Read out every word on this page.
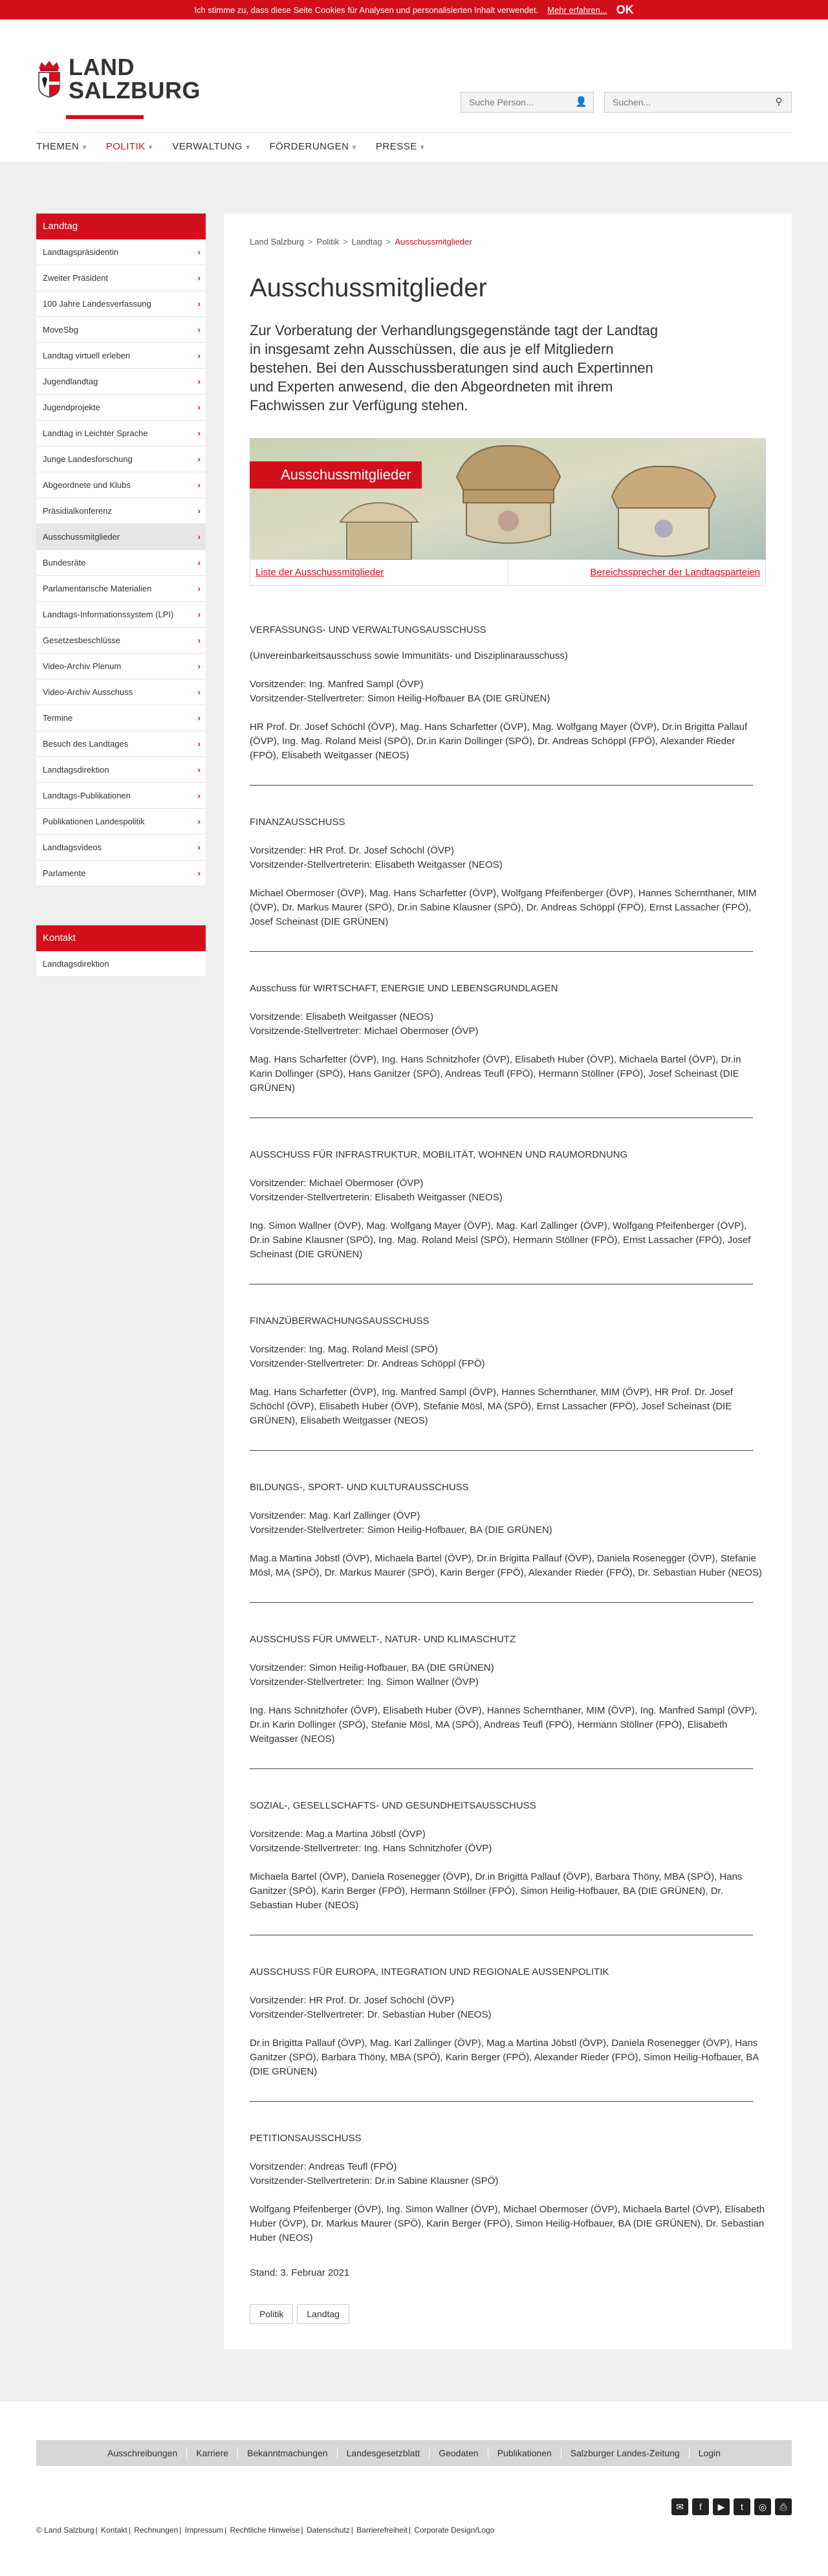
Ich stimme zu, dass diese Seite Cookies für Analysen und personalisierten Inhalt verwendet. Mehr erfahren... OK
LAND
SALZBURG
Suche Person...	👤
Suchen...	⚲
THEMEN ▼ POLITIK ▼ VERWALTUNG ▼ FÖRDERUNGEN ▼ PRESSE ▼
Landtag
Landtagspräsidentin	›
Zweiter Präsident	›
100 Jahre Landesverfassung	›
MoveSbg	›
Landtag virtuell erleben	›
Jugendlandtag	›
Jugendprojekte	›
Landtag in Leichter Sprache	›
Junge Landesforschung	›
Abgeordnete und Klubs	›
Präsidialkonferenz	›
Ausschussmitglieder	›
Bundesräte	›
Parlamentarische Materialien	›
Landtags-Informationssystem (LPI)	›
Gesetzesbeschlüsse	›
Video-Archiv Plenum	›
Video-Archiv Ausschuss	›
Termine	›
Besuch des Landtages	›
Landtagsdirektion	›
Landtags-Publikationen	›
Publikationen Landespolitik	›
Landtagsvideos	›
Parlamente	›
Kontakt
Landtagsdirektion
Land Salzburg > Politik > Landtag > Ausschussmitglieder
Ausschussmitglieder

Zur Vorberatung der Verhandlungsgegenstände tagt der Landtag in insgesamt zehn Ausschüssen, die aus je elf Mitgliedern bestehen. Bei den Ausschussberatungen sind auch Expertinnen und Experten anwesend, die den Abgeordneten mit ihrem Fachwissen zur Verfügung stehen.

Ausschussmitglieder
Liste der Ausschussmitglieder	Bereichssprecher der Landtagsparteien
VERFASSUNGS- UND VERWALTUNGSAUSSCHUSS
(Unvereinbarkeitsausschuss sowie Immunitäts- und Disziplinarausschuss)
Vorsitzender: Ing. Manfred Sampl (ÖVP)
Vorsitzender-Stellvertreter: Simon Heilig-Hofbauer BA (DIE GRÜNEN)
HR Prof. Dr. Josef Schöchl (ÖVP), Mag. Hans Scharfetter (ÖVP), Mag. Wolfgang Mayer (ÖVP), Dr.in Brigitta Pallauf (ÖVP), Ing. Mag. Roland Meisl (SPÖ), Dr.in Karin Dollinger (SPÖ), Dr. Andreas Schöppl (FPÖ), Alexander Rieder (FPÖ), Elisabeth Weitgasser (NEOS)
FINANZAUSSCHUSS
Vorsitzender: HR Prof. Dr. Josef Schöchl (ÖVP)
Vorsitzender-Stellvertreterin: Elisabeth Weitgasser (NEOS)
Michael Obermoser (ÖVP), Mag. Hans Scharfetter (ÖVP), Wolfgang Pfeifenberger (ÖVP), Hannes Schernthaner, MIM (ÖVP), Dr. Markus Maurer (SPÖ), Dr.in Sabine Klausner (SPÖ), Dr. Andreas Schöppl (FPÖ), Ernst Lassacher (FPÖ), Josef Scheinast (DIE GRÜNEN)
Ausschuss für WIRTSCHAFT, ENERGIE UND LEBENSGRUNDLAGEN
Vorsitzende: Elisabeth Weitgasser (NEOS)
Vorsitzende-Stellvertreter: Michael Obermoser (ÖVP)
Mag. Hans Scharfetter (ÖVP), Ing. Hans Schnitzhofer (ÖVP), Elisabeth Huber (ÖVP), Michaela Bartel (ÖVP), Dr.in Karin Dollinger (SPÖ), Hans Ganitzer (SPÖ), Andreas Teufl (FPÖ), Hermann Stöllner (FPÖ), Josef Scheinast (DIE GRÜNEN)
AUSSCHUSS FÜR INFRASTRUKTUR, MOBILITÄT, WOHNEN UND RAUMORDNUNG
Vorsitzender: Michael Obermoser (ÖVP)
Vorsitzender-Stellvertreterin: Elisabeth Weitgasser (NEOS)
Ing. Simon Wallner (ÖVP), Mag. Wolfgang Mayer (ÖVP), Mag. Karl Zallinger (ÖVP), Wolfgang Pfeifenberger (ÖVP), Dr.in Sabine Klausner (SPÖ), Ing. Mag. Roland Meisl (SPÖ), Hermann Stöllner (FPÖ), Ernst Lassacher (FPÖ), Josef Scheinast (DIE GRÜNEN)
FINANZÜBERWACHUNGSAUSSCHUSS
Vorsitzender: Ing. Mag. Roland Meisl (SPÖ)
Vorsitzender-Stellvertreter: Dr. Andreas Schöppl (FPÖ)
Mag. Hans Scharfetter (ÖVP), Ing. Manfred Sampl (ÖVP), Hannes Schernthaner, MIM (ÖVP), HR Prof. Dr. Josef Schöchl (ÖVP), Elisabeth Huber (ÖVP), Stefanie Mösl, MA (SPÖ), Ernst Lassacher (FPÖ), Josef Scheinast (DIE GRÜNEN), Elisabeth Weitgasser (NEOS)
BILDUNGS-, SPORT- UND KULTURAUSSCHUSS
Vorsitzender: Mag. Karl Zallinger (ÖVP)
Vorsitzender-Stellvertreter: Simon Heilig-Hofbauer, BA (DIE GRÜNEN)
Mag.a Martina Jöbstl (ÖVP), Michaela Bartel (ÖVP), Dr.in Brigitta Pallauf (ÖVP), Daniela Rosenegger (ÖVP), Stefanie Mösl, MA (SPÖ), Dr. Markus Maurer (SPÖ), Karin Berger (FPÖ), Alexander Rieder (FPÖ), Dr. Sebastian Huber (NEOS)
AUSSCHUSS FÜR UMWELT-, NATUR- UND KLIMASCHUTZ
Vorsitzender: Simon Heilig-Hofbauer, BA (DIE GRÜNEN)
Vorsitzender-Stellvertreter: Ing. Simon Wallner (ÖVP)
Ing. Hans Schnitzhofer (ÖVP), Elisabeth Huber (ÖVP), Hannes Schernthaner, MIM (ÖVP), Ing. Manfred Sampl (ÖVP), Dr.in Karin Dollinger (SPÖ), Stefanie Mösl, MA (SPÖ), Andreas Teufl (FPÖ), Hermann Stöllner (FPÖ), Elisabeth Weitgasser (NEOS)
SOZIAL-, GESELLSCHAFTS- UND GESUNDHEITSAUSSCHUSS
Vorsitzende: Mag.a Martina Jöbstl (ÖVP)
Vorsitzende-Stellvertreter: Ing. Hans Schnitzhofer (ÖVP)
Michaela Bartel (ÖVP), Daniela Rosenegger (ÖVP), Dr.in Brigitta Pallauf (ÖVP), Barbara Thöny, MBA (SPÖ), Hans Ganitzer (SPÖ), Karin Berger (FPÖ), Hermann Stöllner (FPÖ), Simon Heilig-Hofbauer, BA (DIE GRÜNEN), Dr. Sebastian Huber (NEOS)
AUSSCHUSS FÜR EUROPA, INTEGRATION UND REGIONALE AUSSENPOLITIK
Vorsitzender: HR Prof. Dr. Josef Schöchl (ÖVP)
Vorsitzender-Stellvertreter: Dr. Sebastian Huber (NEOS)
Dr.in Brigitta Pallauf (ÖVP), Mag. Karl Zallinger (ÖVP), Mag.a Martina Jöbstl (ÖVP), Daniela Rosenegger (ÖVP), Hans Ganitzer (SPÖ), Barbara Thöny, MBA (SPÖ), Karin Berger (FPÖ), Alexander Rieder (FPÖ), Simon Heilig-Hofbauer, BA (DIE GRÜNEN)
PETITIONSAUSSCHUSS
Vorsitzender: Andreas Teufl (FPÖ)
Vorsitzender-Stellvertreterin: Dr.in Sabine Klausner (SPÖ)
Wolfgang Pfeifenberger (ÖVP), Ing. Simon Wallner (ÖVP), Michael Obermoser (ÖVP), Michaela Bartel (ÖVP), Elisabeth Huber (ÖVP), Dr. Markus Maurer (SPÖ), Karin Berger (FPÖ), Simon Heilig-Hofbauer, BA (DIE GRÜNEN), Dr. Sebastian Huber (NEOS)
Stand: 3. Februar 2021
Politik	Landtag
Ausschreibungen	Karriere	Bekanntmachungen	Landesgesetzblatt	Geodaten	Publikationen	Salzburger Landes-Zeitung	Login
✉	f	▶	t	◎	⎙
© Land Salzburg | Kontakt | Rechnungen | Impressum | Rechtliche Hinweise | Datenschutz | Barrierefreiheit | Corporate Design/Logo
